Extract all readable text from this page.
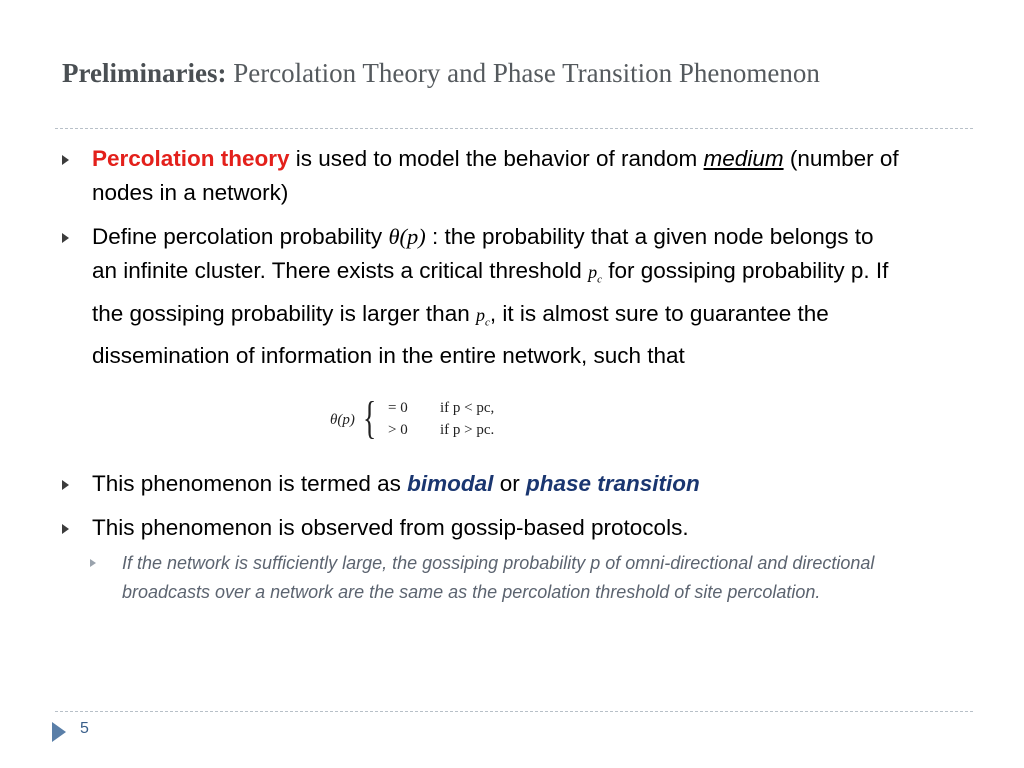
Preliminaries: Percolation Theory and Phase Transition Phenomenon
Percolation theory is used to model the behavior of random medium (number of nodes in a network)
Define percolation probability θ(p) : the probability that a given node belongs to an infinite cluster. There exists a critical threshold $p_c$ for gossiping probability p. If the gossiping probability is larger than $p_c$, it is almost sure to guarantee the dissemination of information in the entire network, such that
This phenomenon is termed as bimodal or phase transition
This phenomenon is observed from gossip-based protocols.
If the network is sufficiently large, the gossiping probability p of omni-directional and directional broadcasts over a network are the same as the percolation threshold of site percolation.
θ(p) { = 0 if p < pc,
> 0 if p > pc.
5
